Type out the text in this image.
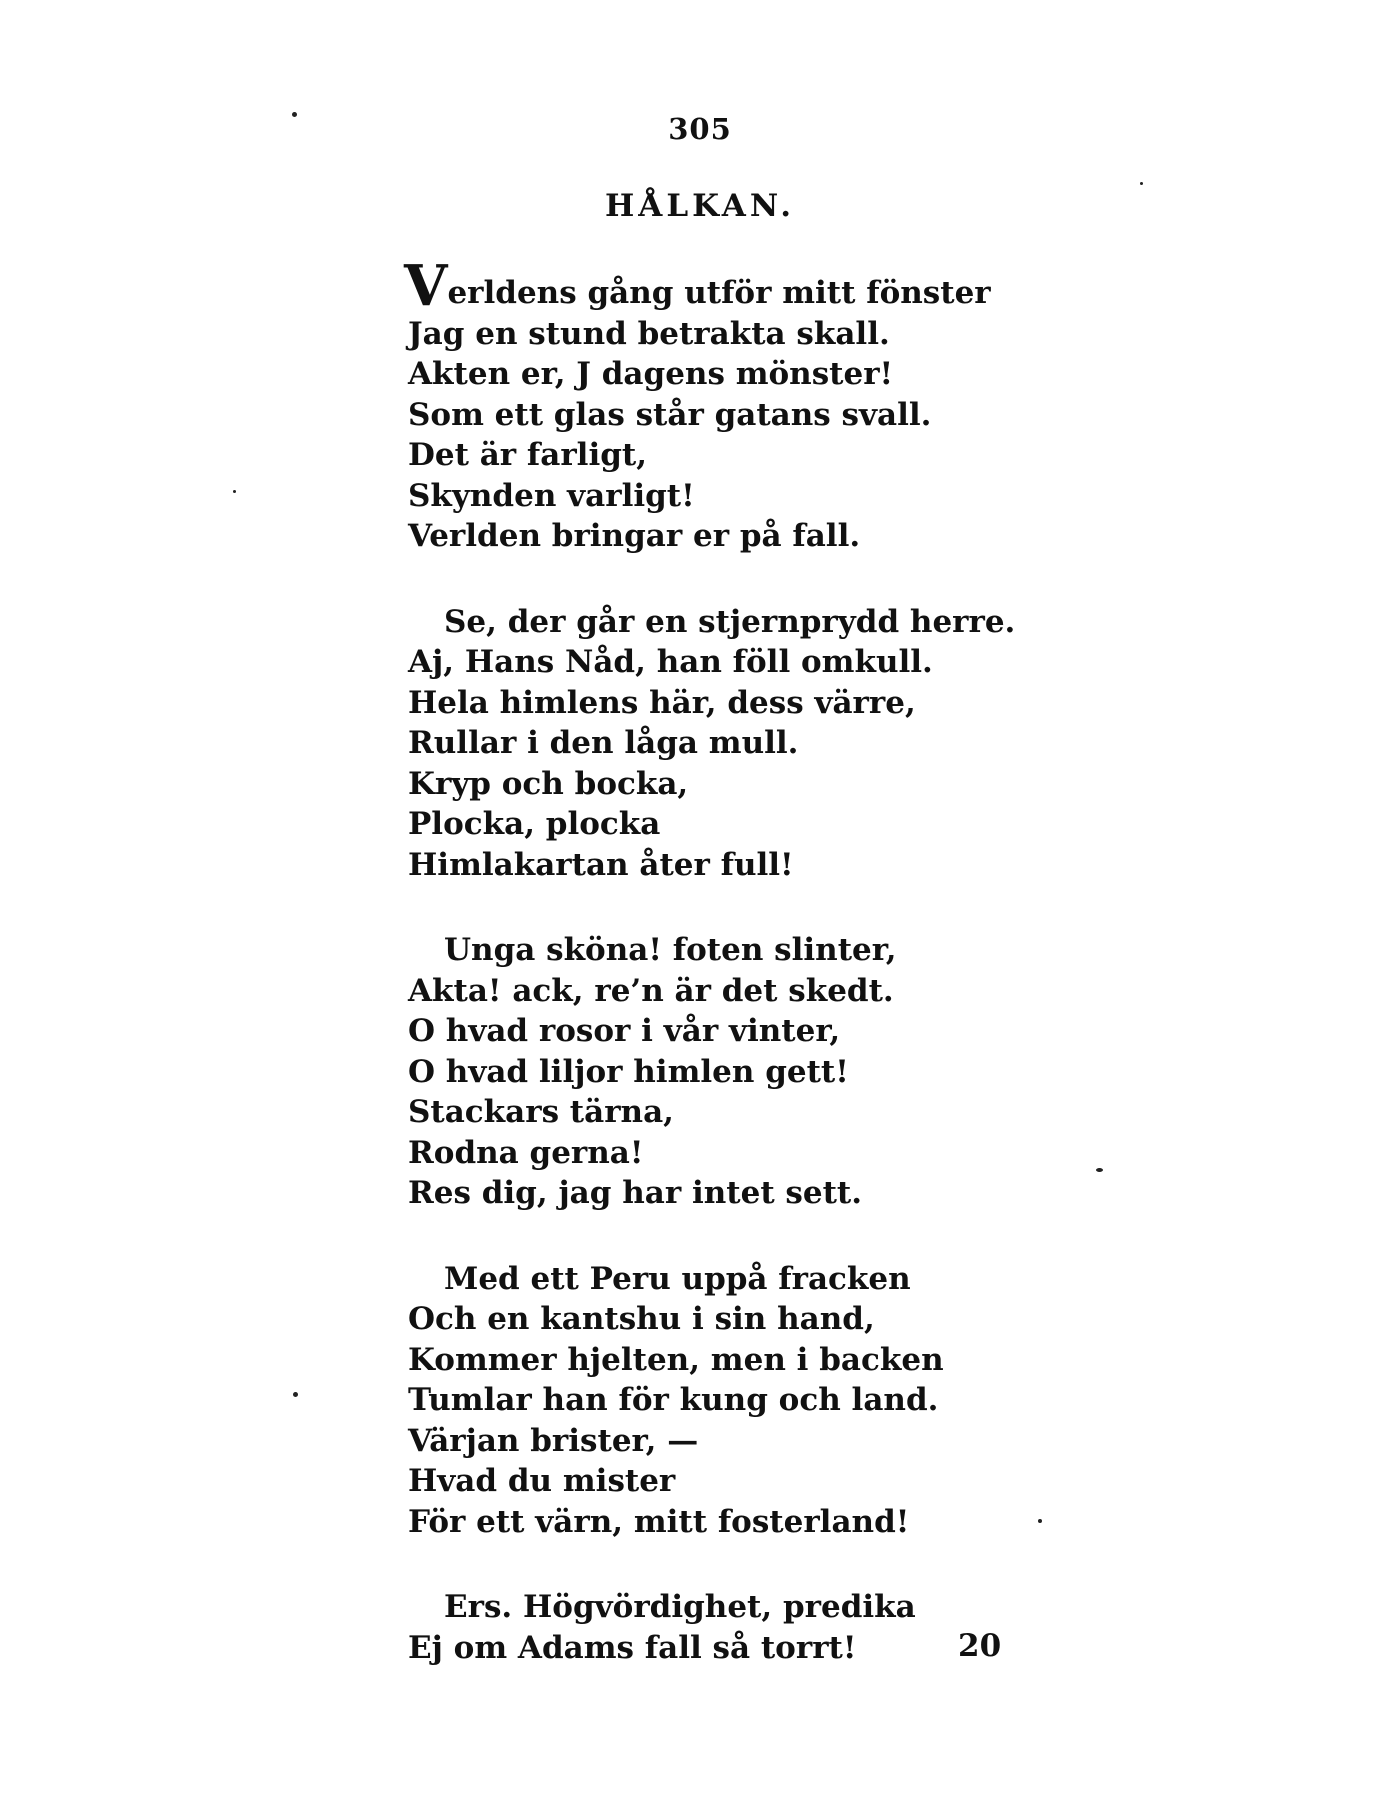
305
HÅLKAN.
Verldens gång utför mitt fönster
Jag en stund betrakta skall.
Akten er, J dagens mönster!
Som ett glas står gatans svall.
Det är farligt,
Skynden varligt!
Verlden bringar er på fall.
Se, der går en stjernprydd herre.
Aj, Hans Nåd, han föll omkull.
Hela himlens här, dess värre,
Rullar i den låga mull.
Kryp och bocka,
Plocka, plocka
Himlakartan åter full!
Unga sköna! foten slinter,
Akta! ack, re’n är det skedt.
O hvad rosor i vår vinter,
O hvad liljor himlen gett!
Stackars tärna,
Rodna gerna!
Res dig, jag har intet sett.
Med ett Peru uppå fracken
Och en kantshu i sin hand,
Kommer hjelten, men i backen
Tumlar han för kung och land.
Värjan brister, —
Hvad du mister
För ett värn, mitt fosterland!
Ers. Högvördighet, predika
Ej om Adams fall så torrt!	20
